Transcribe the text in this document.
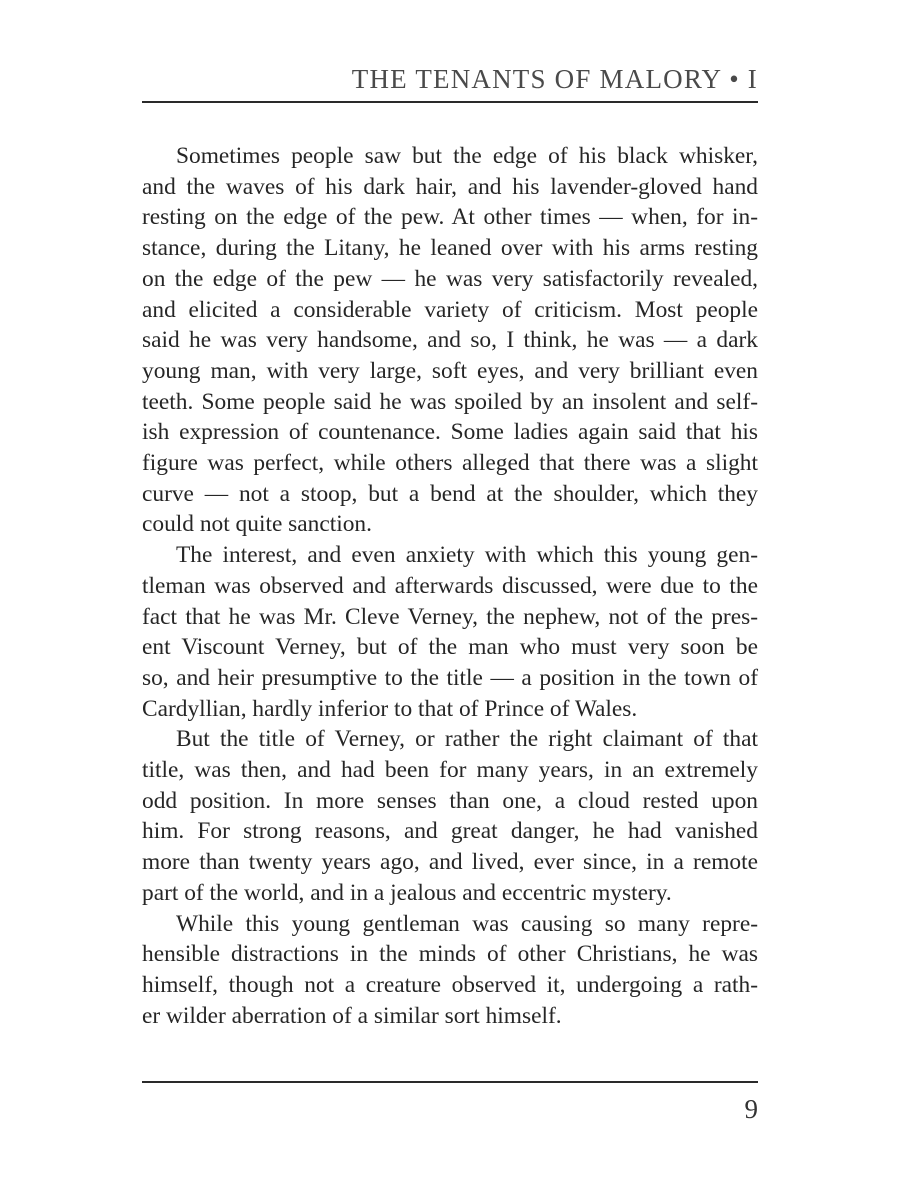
THE TENANTS OF MALORY • I

Sometimes people saw but the edge of his black whisker,
and the waves of his dark hair, and his lavender-gloved hand
resting on the edge of the pew. At other times — when, for in-
stance, during the Litany, he leaned over with his arms resting
on the edge of the pew — he was very satisfactorily revealed,
and elicited a considerable variety of criticism. Most people
said he was very handsome, and so, I think, he was — a dark
young man, with very large, soft eyes, and very brilliant even
teeth. Some people said he was spoiled by an insolent and self-
ish expression of countenance. Some ladies again said that his
figure was perfect, while others alleged that there was a slight
curve — not a stoop, but a bend at the shoulder, which they
could not quite sanction.

The interest, and even anxiety with which this young gen-
tleman was observed and afterwards discussed, were due to the
fact that he was Mr. Cleve Verney, the nephew, not of the pres-
ent Viscount Verney, but of the man who must very soon be
so, and heir presumptive to the title — a position in the town of
Cardyllian, hardly inferior to that of Prince of Wales.

But the title of Verney, or rather the right claimant of that
title, was then, and had been for many years, in an extremely
odd position. In more senses than one, a cloud rested upon
him. For strong reasons, and great danger, he had vanished
more than twenty years ago, and lived, ever since, in a remote
part of the world, and in a jealous and eccentric mystery.

While this young gentleman was causing so many repre-
hensible distractions in the minds of other Christians, he was
himself, though not a creature observed it, undergoing a rath-
er wilder aberration of a similar sort himself.

9
